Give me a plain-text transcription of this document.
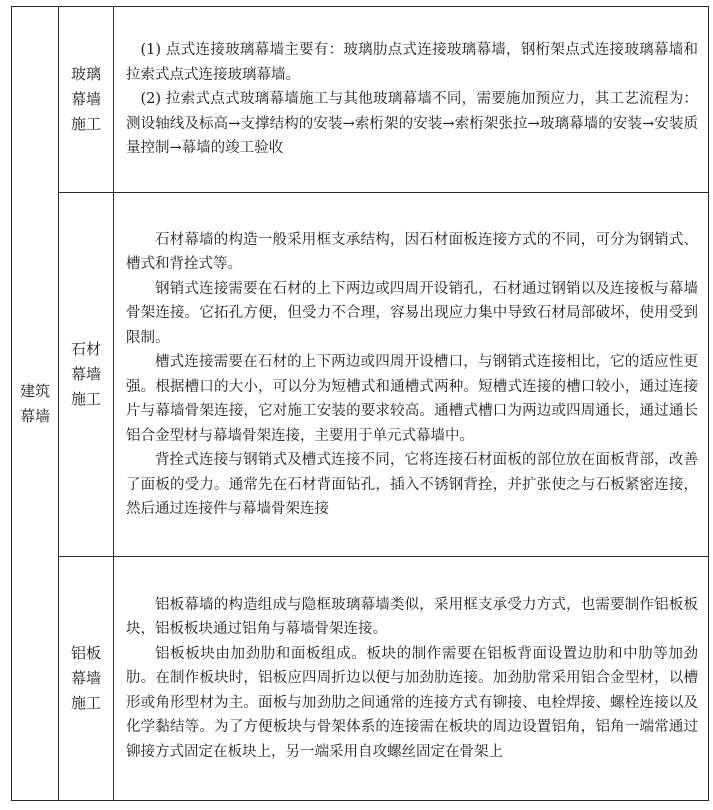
建筑幕墙	玻璃幕墙施工	(1) 点式连接玻璃幕墙主要有：玻璃肋点式连接玻璃幕墙，钢桁架点式连接玻璃幕墙和拉索式点式连接玻璃幕墙。

(2) 拉索式点式玻璃幕墙施工与其他玻璃幕墙不同，需要施加预应力，其工艺流程为：测设轴线及标高→支撑结构的安装→索桁架的安装→索桁架张拉→玻璃幕墙的安装→安装质量控制→幕墙的竣工验收

	石材幕墙施工	石材幕墙的构造一般采用框支承结构，因石材面板连接方式的不同，可分为钢销式、槽式和背拴式等。

钢销式连接需要在石材的上下两边或四周开设销孔，石材通过钢销以及连接板与幕墙骨架连接。它拓孔方便，但受力不合理，容易出现应力集中导致石材局部破坏，使用受到限制。

槽式连接需要在石材的上下两边或四周开设槽口，与钢销式连接相比，它的适应性更强。根据槽口的大小，可以分为短槽式和通槽式两种。短槽式连接的槽口较小，通过连接片与幕墙骨架连接，它对施工安装的要求较高。通槽式槽口为两边或四周通长，通过通长铝合金型材与幕墙骨架连接，主要用于单元式幕墙中。

背拴式连接与钢销式及槽式连接不同，它将连接石材面板的部位放在面板背部，改善了面板的受力。通常先在石材背面钻孔，插入不锈钢背拴，并扩张使之与石板紧密连接，然后通过连接件与幕墙骨架连接

	铝板幕墙施工	铝板幕墙的构造组成与隐框玻璃幕墙类似，采用框支承受力方式，也需要制作铝板板块，铝板板块通过铝角与幕墙骨架连接。

铝板板块由加劲肋和面板组成。板块的制作需要在铝板背面设置边肋和中肋等加劲肋。在制作板块时，铝板应四周折边以便与加劲肋连接。加劲肋常采用铝合金型材，以槽形或角形型材为主。面板与加劲肋之间通常的连接方式有铆接、电栓焊接、螺栓连接以及化学黏结等。为了方便板块与骨架体系的连接需在板块的周边设置铝角，铝角一端常通过铆接方式固定在板块上，另一端采用自攻螺丝固定在骨架上
